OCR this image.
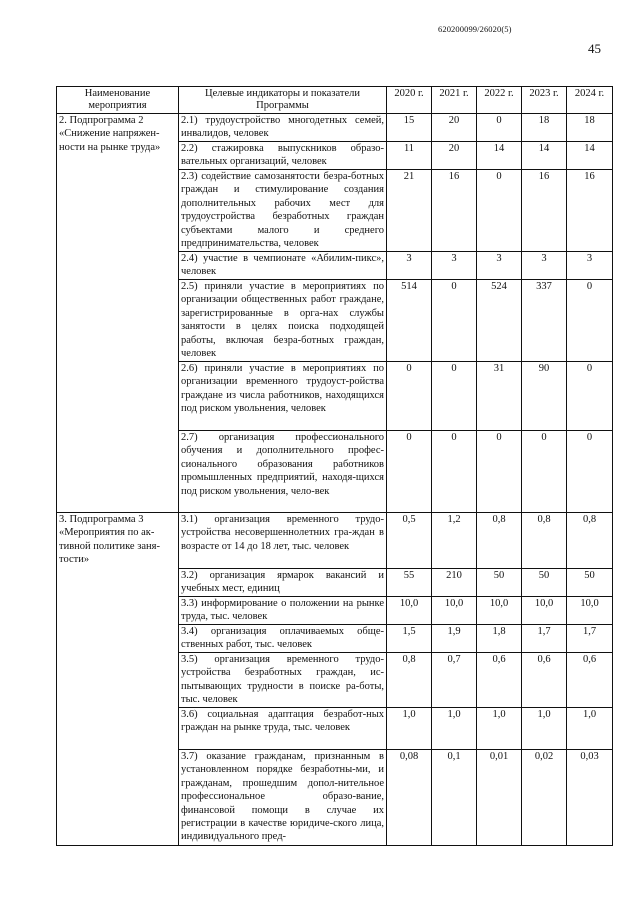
620200099/26020(5)
45
Наименование мероприятия	Целевые индикаторы и показатели Программы	2020 г.	2021 г.	2022 г.	2023 г.	2024 г.
2. Подпрограмма 2 «Снижение напряжен-ности на рынке труда»	2.1) трудоустройство многодетных семей, инвалидов, человек	15	20	0	18	18
	2.2) стажировка выпускников образо-вательных организаций, человек	11	20	14	14	14
	2.3) содействие самозанятости безра-ботных граждан и стимулирование создания дополнительных рабочих мест для трудоустройства безработных граждан субъектами малого и среднего предпринимательства, человек	21	16	0	16	16
	2.4) участие в чемпионате «Абилим-пикс», человек	3	3	3	3	3
	2.5) приняли участие в мероприятиях по организации общественных работ граждане, зарегистрированные в орга-нах службы занятости в целях поиска подходящей работы, включая безра-ботных граждан, человек	514	0	524	337	0
	2.6) приняли участие в мероприятиях по организации временного трудоуст-ройства граждане из числа работников, находящихся под риском увольнения, человек	0	0	31	90	0
	2.7) организация профессионального обучения и дополнительного профес-сионального образования работников промышленных предприятий, находя-щихся под риском увольнения, чело-век	0	0	0	0	0
3. Подпрограмма 3 «Мероприятия по ак-тивной политике заня-тости»	3.1) организация временного трудо-устройства несовершеннолетних гра-ждан в возрасте от 14 до 18 лет, тыс. человек	0,5	1,2	0,8	0,8	0,8
	3.2) организация ярмарок вакансий и учебных мест, единиц	55	210	50	50	50
	3.3) информирование о положении на рынке труда, тыс. человек	10,0	10,0	10,0	10,0	10,0
	3.4) организация оплачиваемых обще-ственных работ, тыс. человек	1,5	1,9	1,8	1,7	1,7
	3.5) организация временного трудо-устройства безработных граждан, ис-пытывающих трудности в поиске ра-боты, тыс. человек	0,8	0,7	0,6	0,6	0,6
	3.6) социальная адаптация безработ-ных граждан на рынке труда, тыс. человек	1,0	1,0	1,0	1,0	1,0
	3.7) оказание гражданам, признанным в установленном порядке безработны-ми, и гражданам, прошедшим допол-нительное профессиональное образо-вание, финансовой помощи в случае их регистрации в качестве юридиче-ского лица, индивидуального пред-	0,08	0,1	0,01	0,02	0,03
